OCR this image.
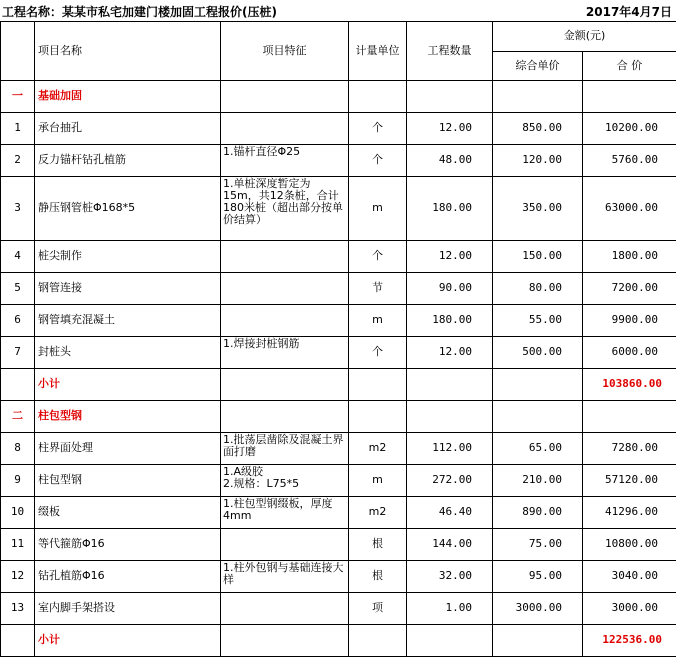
工程名称：某某市私宅加建门楼加固工程报价(压桩)	2017年4月7日
	项目名称	项目特征	计量单位	工程数量	金额(元)	
					综合单价	合 价
一	基础加固					
1	承台抽孔		个	12.00	850.00	10200.00
2	反力锚杆钻孔植筋	1.锚杆直径Φ25	个	48.00	120.00	5760.00
3	静压钢管桩Φ168*5	1.单桩深度暂定为15m，共12条桩，合计180米桩（超出部分按单价结算）	m	180.00	350.00	63000.00
4	桩尖制作		个	12.00	150.00	1800.00
5	钢管连接		节	90.00	80.00	7200.00
6	钢管填充混凝土		m	180.00	55.00	9900.00
7	封桩头	1.焊接封桩钢筋	个	12.00	500.00	6000.00
	小计					103860.00
二	柱包型钢					
8	柱界面处理	1.批荡层凿除及混凝土界面打磨	m2	112.00	65.00	7280.00
9	柱包型钢	1.A级胶
2.规格：L75*5	m	272.00	210.00	57120.00
10	缀板	1.柱包型钢缀板，厚度4mm	m2	46.40	890.00	41296.00
11	等代箍筋Φ16		根	144.00	75.00	10800.00
12	钻孔植筋Φ16	1.柱外包钢与基础连接大样	根	32.00	95.00	3040.00
13	室内脚手架搭设		项	1.00	3000.00	3000.00
	小计					122536.00
